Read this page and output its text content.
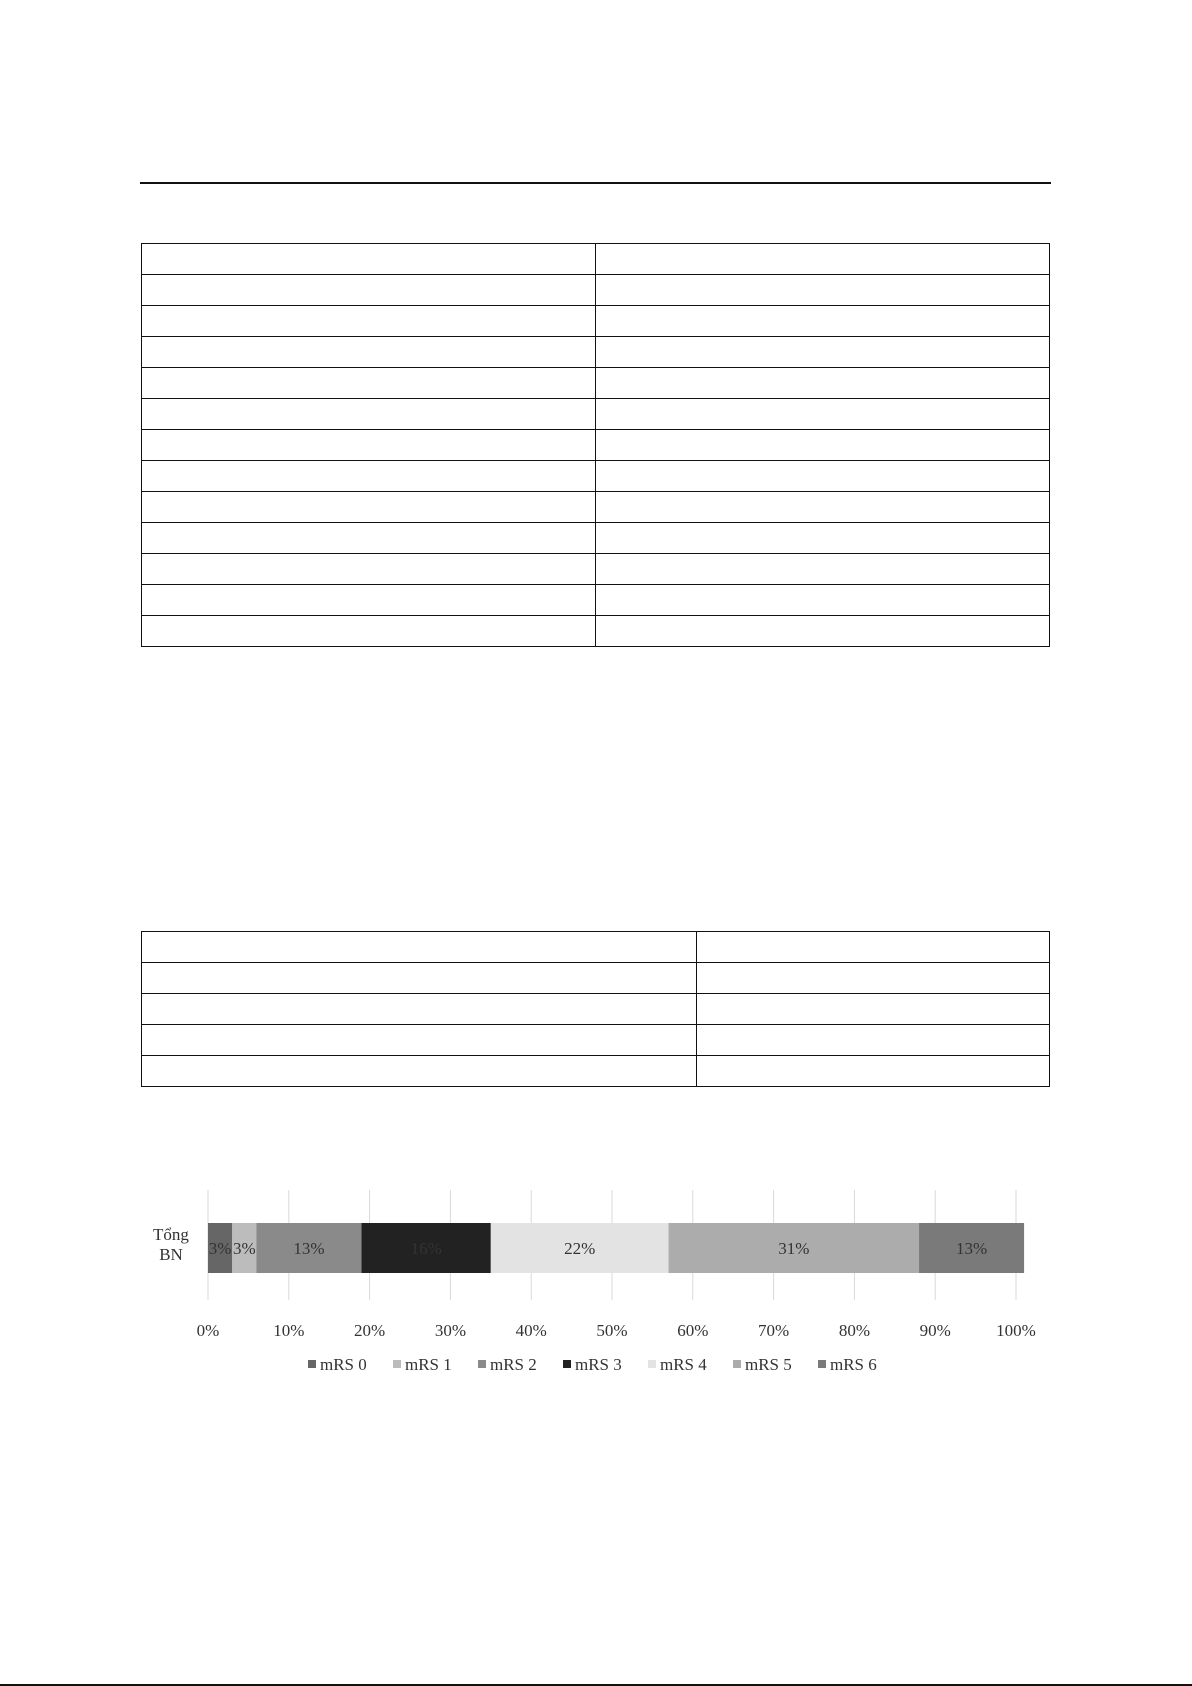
Tổng BN	3% 3% 13%	16%	22%	31%	13%
0%	10%	20%	30%	40%	50%	60%	70%	80%	90%	100%
mRS 0 mRS 1 mRS 2 mRS 3 mRS 4 mRS 5 mRS 6
